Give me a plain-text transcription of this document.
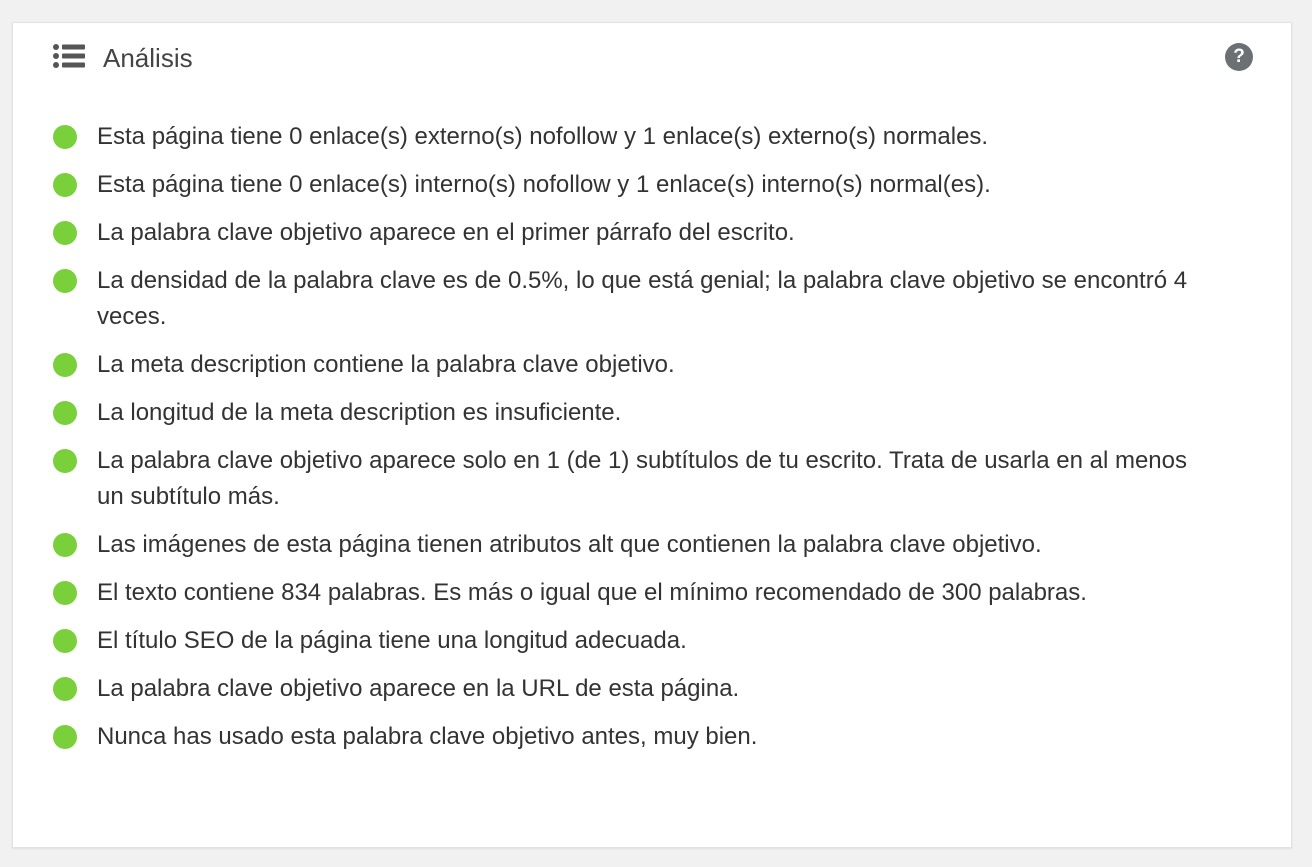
Análisis	?
Esta página tiene 0 enlace(s) externo(s) nofollow y 1 enlace(s) externo(s) normales.
Esta página tiene 0 enlace(s) interno(s) nofollow y 1 enlace(s) interno(s) normal(es).
La palabra clave objetivo aparece en el primer párrafo del escrito.
La densidad de la palabra clave es de 0.5%, lo que está genial; la palabra clave objetivo se encontró 4 veces.
La meta description contiene la palabra clave objetivo.
La longitud de la meta description es insuficiente.
La palabra clave objetivo aparece solo en 1 (de 1) subtítulos de tu escrito. Trata de usarla en al menos un subtítulo más.
Las imágenes de esta página tienen atributos alt que contienen la palabra clave objetivo.
El texto contiene 834 palabras. Es más o igual que el mínimo recomendado de 300 palabras.
El título SEO de la página tiene una longitud adecuada.
La palabra clave objetivo aparece en la URL de esta página.
Nunca has usado esta palabra clave objetivo antes, muy bien.
